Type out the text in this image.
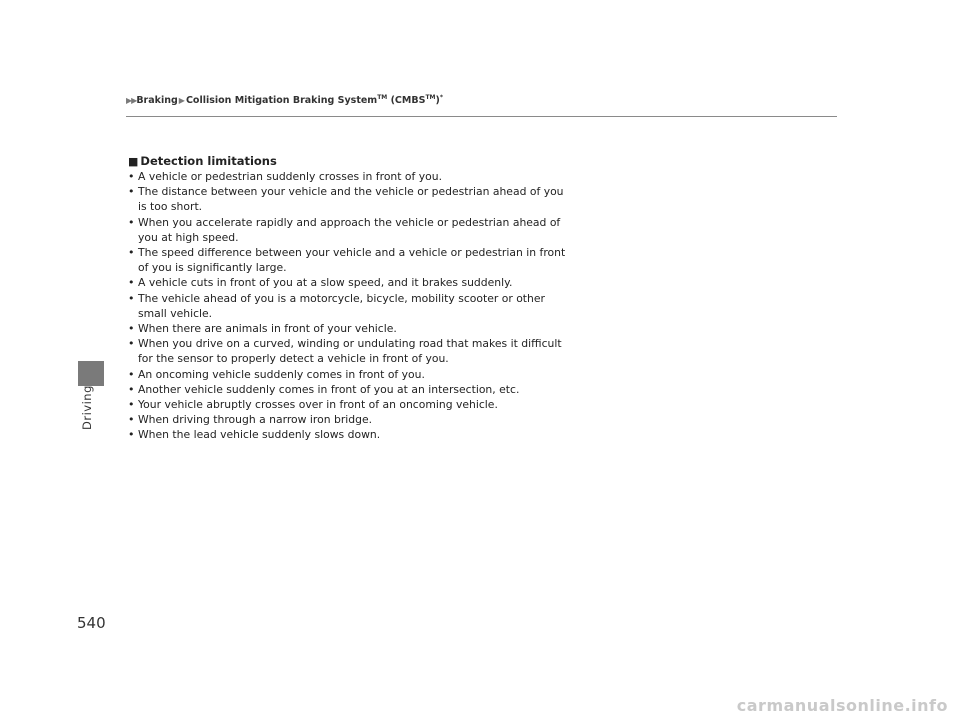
▶▶Braking▶Collision Mitigation Braking System™ (CMBS™)*
Driving
■ Detection limitations
• A vehicle or pedestrian suddenly crosses in front of you.
• The distance between your vehicle and the vehicle or pedestrian ahead of you is too short.
• When you accelerate rapidly and approach the vehicle or pedestrian ahead of you at high speed.
• The speed difference between your vehicle and a vehicle or pedestrian in front of you is significantly large.
• A vehicle cuts in front of you at a slow speed, and it brakes suddenly.
• The vehicle ahead of you is a motorcycle, bicycle, mobility scooter or other small vehicle.
• When there are animals in front of your vehicle.
• When you drive on a curved, winding or undulating road that makes it difficult for the sensor to properly detect a vehicle in front of you.
• An oncoming vehicle suddenly comes in front of you.
• Another vehicle suddenly comes in front of you at an intersection, etc.
• Your vehicle abruptly crosses over in front of an oncoming vehicle.
• When driving through a narrow iron bridge.
• When the lead vehicle suddenly slows down.
540
carmanualsonline.info
